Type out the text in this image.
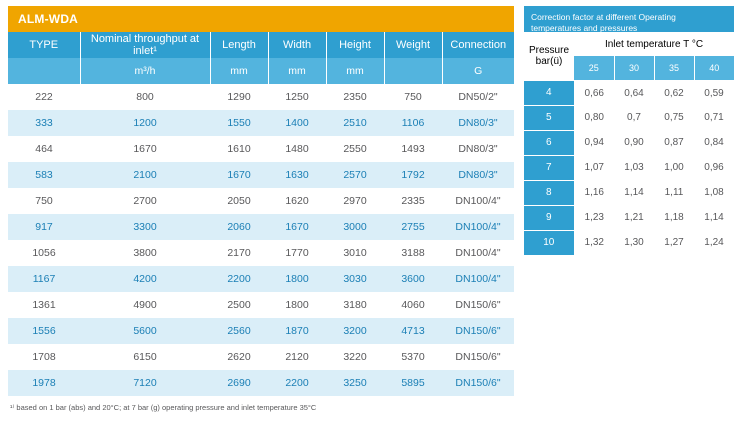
ALM-WDA
TYPE	Nominal throughput at inlet¹	Length	Width	Height	Weight	Connection
	m³/h	mm	mm	mm		G
222	800	1290	1250	2350	750	DN50/2"
333	1200	1550	1400	2510	1106	DN80/3"
464	1670	1610	1480	2550	1493	DN80/3"
583	2100	1670	1630	2570	1792	DN80/3"
750	2700	2050	1620	2970	2335	DN100/4"
917	3300	2060	1670	3000	2755	DN100/4"
1056	3800	2170	1770	3010	3188	DN100/4"
1167	4200	2200	1800	3030	3600	DN100/4"
1361	4900	2500	1800	3180	4060	DN150/6"
1556	5600	2560	1870	3200	4713	DN150/6"
1708	6150	2620	2120	3220	5370	DN150/6"
1978	7120	2690	2200	3250	5895	DN150/6"
¹⁾ based on 1 bar (abs) and 20°C; at 7 bar (g) operating pressure and inlet temperature 35°C
Correction factor at different Operating temperatures and pressures
Pressure
bar(ü)	Inlet temperature T °C			
	25	30	35	40
4	0,66	0,64	0,62	0,59
5	0,80	0,7	0,75	0,71
6	0,94	0,90	0,87	0,84
7	1,07	1,03	1,00	0,96
8	1,16	1,14	1,11	1,08
9	1,23	1,21	1,18	1,14
10	1,32	1,30	1,27	1,24
